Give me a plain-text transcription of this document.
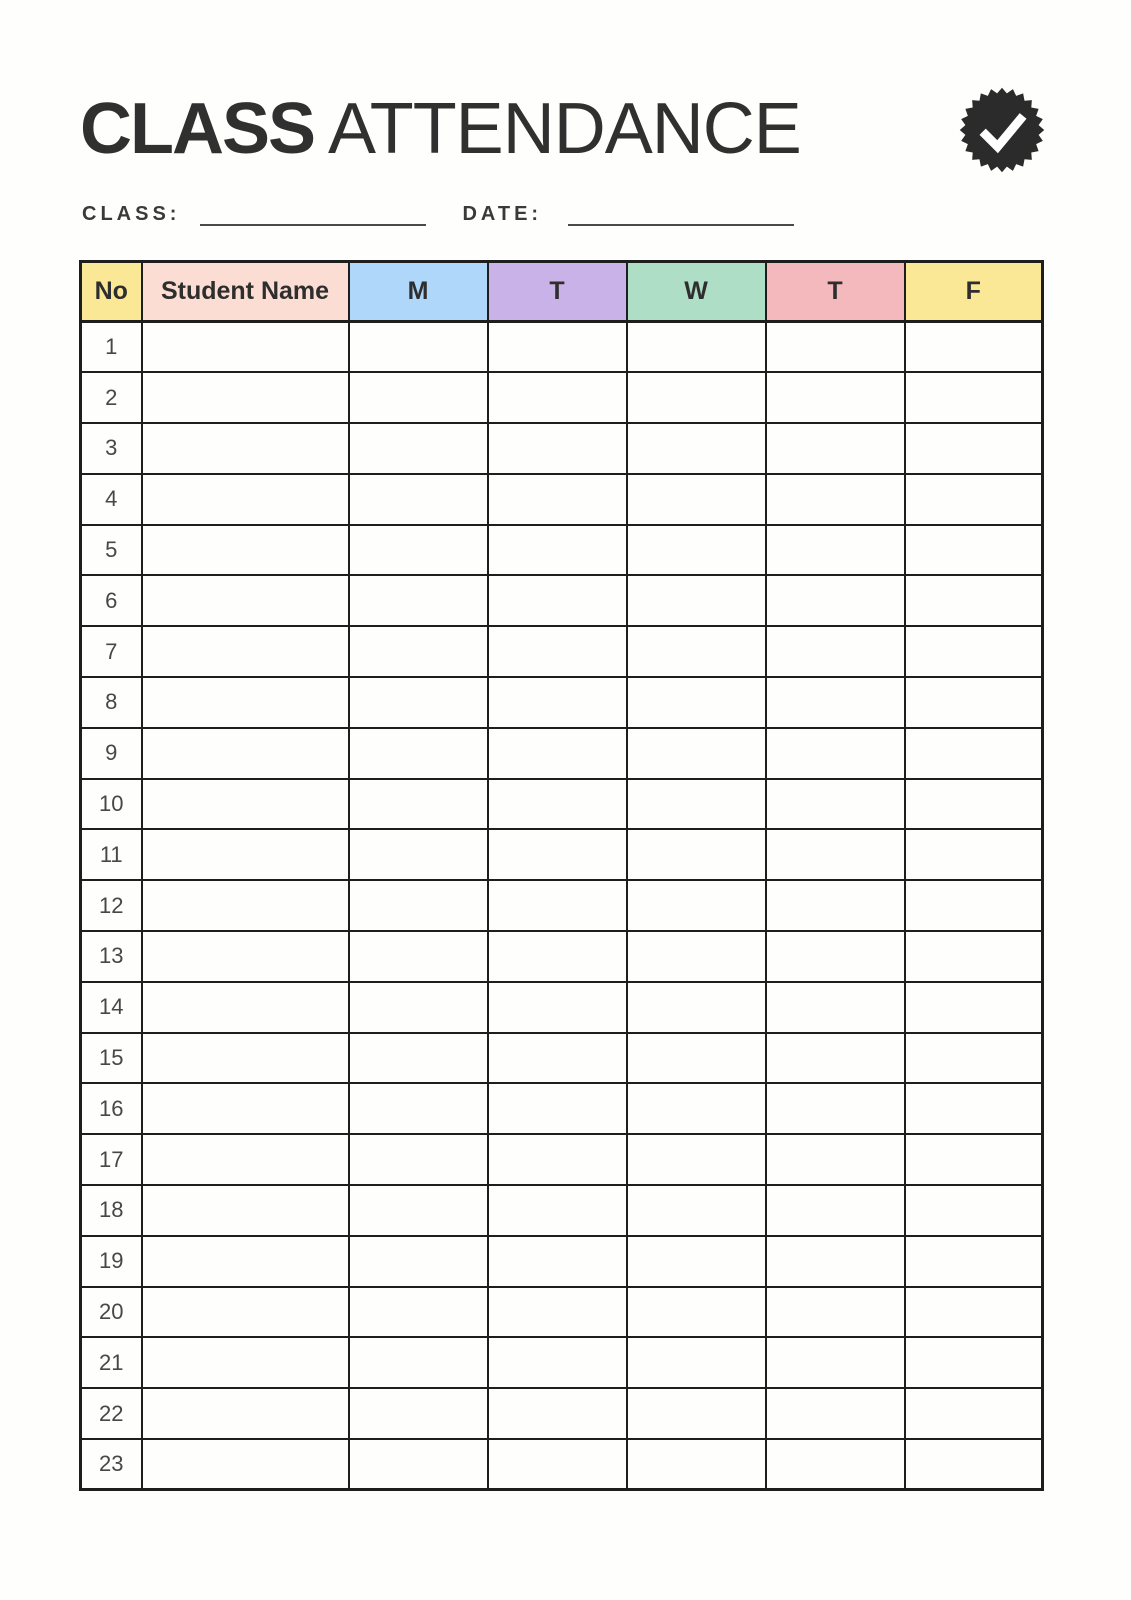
CLASS ATTENDANCE
CLASS:	DATE:
No	Student Name	M	T	W	T	F
1						
2						
3						
4						
5						
6						
7						
8						
9						
10						
11						
12						
13						
14						
15						
16						
17						
18						
19						
20						
21						
22						
23						
